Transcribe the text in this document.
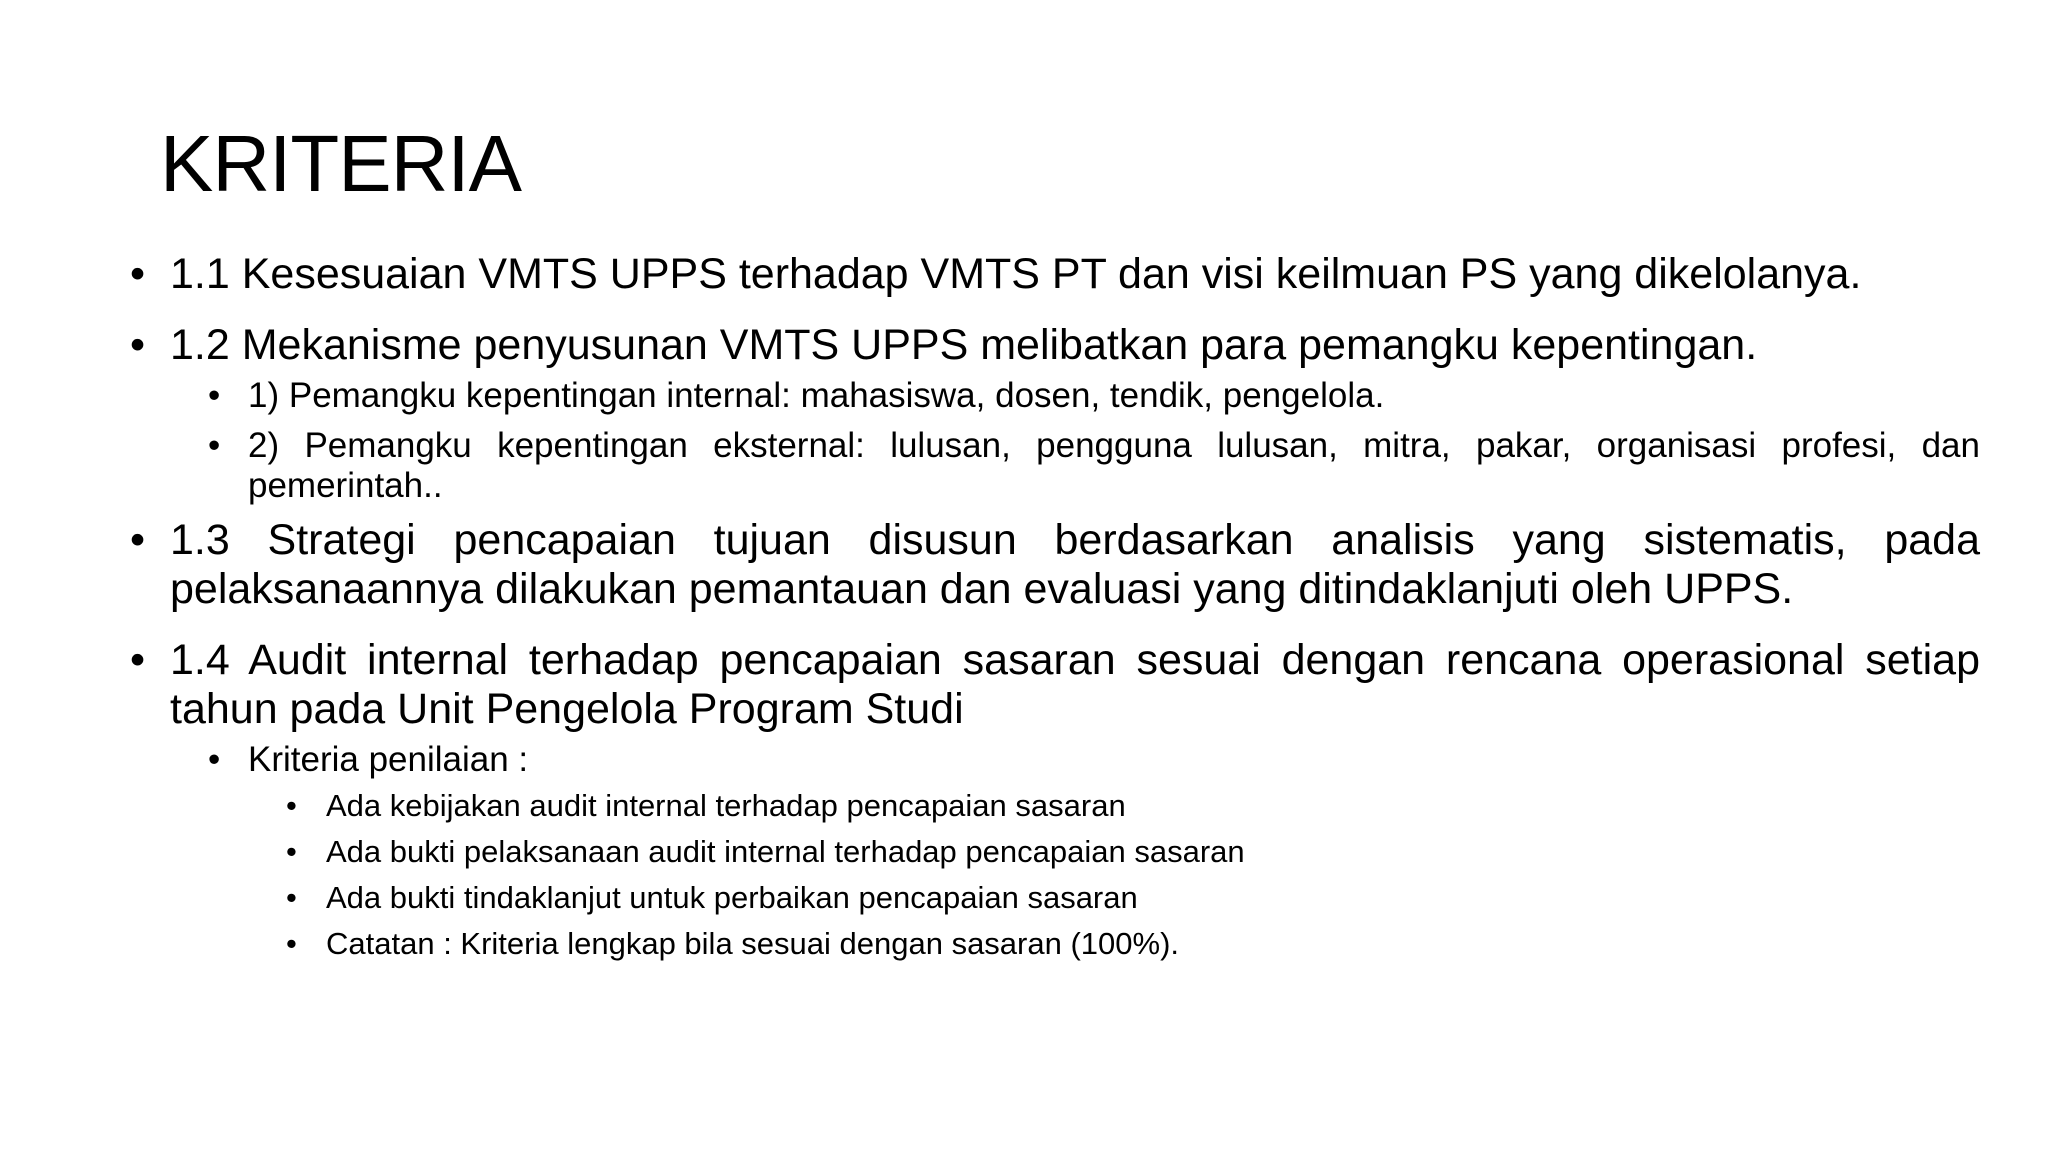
KRITERIA
• 1.1 Kesesuaian VMTS UPPS terhadap VMTS PT dan visi keilmuan PS yang dikelolanya.
• 1.2 Mekanisme penyusunan VMTS UPPS melibatkan para pemangku kepentingan.
• 1) Pemangku kepentingan internal: mahasiswa, dosen, tendik, pengelola.
• 2) Pemangku kepentingan eksternal: lulusan, pengguna lulusan, mitra, pakar, organisasi profesi, dan pemerintah..
• 1.3 Strategi pencapaian tujuan disusun berdasarkan analisis yang sistematis, pada pelaksanaannya dilakukan pemantauan dan evaluasi yang ditindaklanjuti oleh UPPS.
• 1.4 Audit internal terhadap pencapaian sasaran sesuai dengan rencana operasional setiap tahun pada Unit Pengelola Program Studi
• Kriteria penilaian :
• Ada kebijakan audit internal terhadap pencapaian sasaran
• Ada bukti pelaksanaan audit internal terhadap pencapaian sasaran
• Ada bukti tindaklanjut untuk perbaikan pencapaian sasaran
• Catatan : Kriteria lengkap bila sesuai dengan sasaran (100%).
